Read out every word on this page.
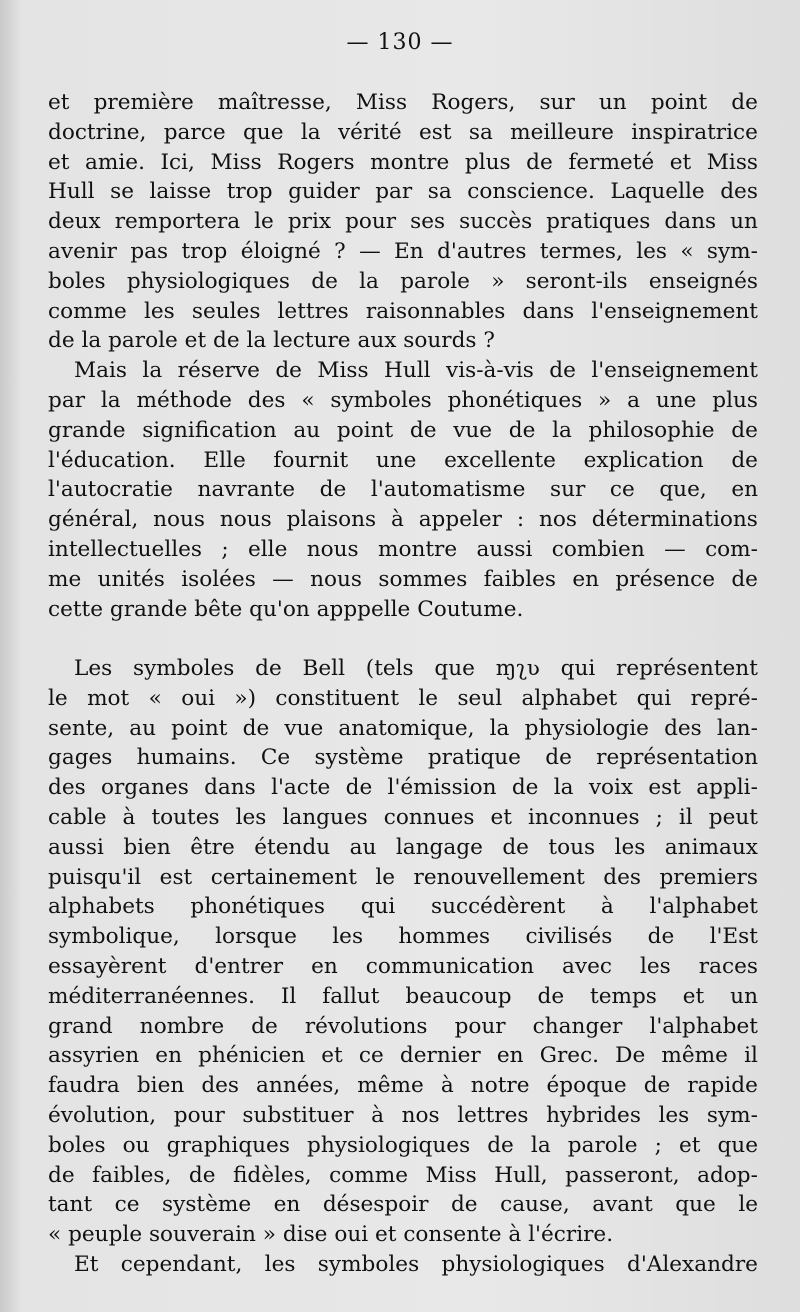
— 130 —
et première maîtresse, Miss Rogers, sur un point de
doctrine, parce que la vérité est sa meilleure inspiratrice
et amie. Ici, Miss Rogers montre plus de fermeté et Miss
Hull se laisse trop guider par sa conscience. Laquelle des
deux remportera le prix pour ses succès pratiques dans un
avenir pas trop éloigné ? — En d'autres termes, les « sym-
boles physiologiques de la parole » seront-ils enseignés
comme les seules lettres raisonnables dans l'enseignement
de la parole et de la lecture aux sourds ?
Mais la réserve de Miss Hull vis-à-vis de l'enseignement
par la méthode des « symboles phonétiques » a une plus
grande signification au point de vue de la philosophie de
l'éducation. Elle fournit une excellente explication de
l'autocratie navrante de l'automatisme sur ce que, en
général, nous nous plaisons à appeler : nos déterminations
intellectuelles ; elle nous montre aussi combien — com-
me unités isolées — nous sommes faibles en présence de
cette grande bête qu'on apppelle Coutume.
Les symboles de Bell (tels que ɱʅʋ qui représentent
le mot « oui ») constituent le seul alphabet qui repré-
sente, au point de vue anatomique, la physiologie des lan-
gages humains. Ce système pratique de représentation
des organes dans l'acte de l'émission de la voix est appli-
cable à toutes les langues connues et inconnues ; il peut
aussi bien être étendu au langage de tous les animaux
puisqu'il est certainement le renouvellement des premiers
alphabets phonétiques qui succédèrent à l'alphabet
symbolique, lorsque les hommes civilisés de l'Est
essayèrent d'entrer en communication avec les races
méditerranéennes. Il fallut beaucoup de temps et un
grand nombre de révolutions pour changer l'alphabet
assyrien en phénicien et ce dernier en Grec. De même il
faudra bien des années, même à notre époque de rapide
évolution, pour substituer à nos lettres hybrides les sym-
boles ou graphiques physiologiques de la parole ; et que
de faibles, de fidèles, comme Miss Hull, passeront, adop-
tant ce système en désespoir de cause, avant que le
« peuple souverain » dise oui et consente à l'écrire.
Et cependant, les symboles physiologiques d'Alexandre
